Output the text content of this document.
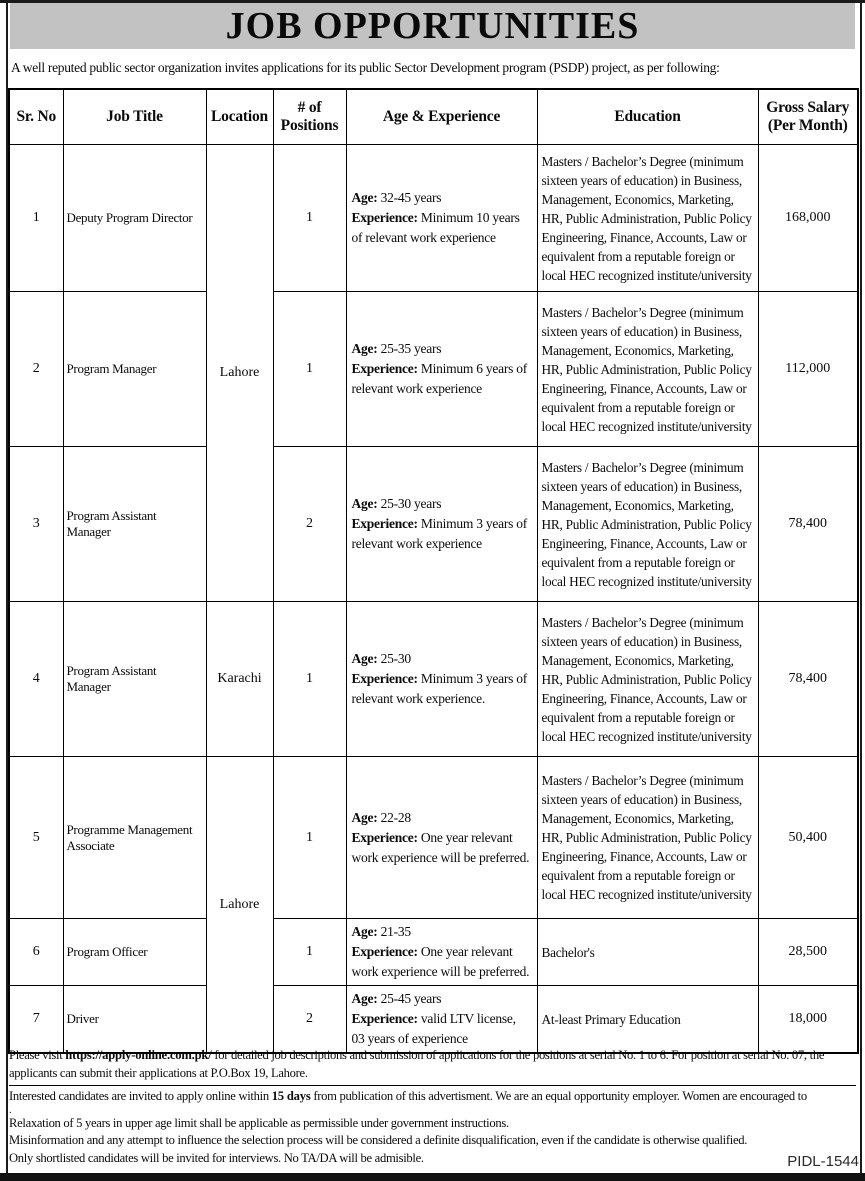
JOB OPPORTUNITIES
A well reputed public sector organization invites applications for its public Sector Development program (PSDP) project, as per following:
Sr. No	Job Title	Location	# of Positions	Age & Experience	Education	Gross Salary (Per Month)
1	Deputy Program Director	Lahore	1	Age: 32-45 years
Experience: Minimum 10 years of relevant work experience	Masters / Bachelor’s Degree (minimum sixteen years of education) in Business, Management, Economics, Marketing, HR, Public Administration, Public Policy Engineering, Finance, Accounts, Law or equivalent from a reputable foreign or local HEC recognized institute/university	168,000
2	Program Manager		1	Age: 25-35 years
Experience: Minimum 6 years of relevant work experience	Masters / Bachelor’s Degree (minimum sixteen years of education) in Business, Management, Economics, Marketing, HR, Public Administration, Public Policy Engineering, Finance, Accounts, Law or equivalent from a reputable foreign or local HEC recognized institute/university	112,000
3	Program Assistant Manager		2	Age: 25-30 years
Experience: Minimum 3 years of relevant work experience	Masters / Bachelor’s Degree (minimum sixteen years of education) in Business, Management, Economics, Marketing, HR, Public Administration, Public Policy Engineering, Finance, Accounts, Law or equivalent from a reputable foreign or local HEC recognized institute/university	78,400
4	Program Assistant Manager	Karachi	1	Age: 25-30
Experience: Minimum 3 years of relevant work experience.	Masters / Bachelor’s Degree (minimum sixteen years of education) in Business, Management, Economics, Marketing, HR, Public Administration, Public Policy Engineering, Finance, Accounts, Law or equivalent from a reputable foreign or local HEC recognized institute/university	78,400
5	Programme Management Associate	Lahore	1	Age: 22-28
Experience: One year relevant work experience will be preferred.	Masters / Bachelor’s Degree (minimum sixteen years of education) in Business, Management, Economics, Marketing, HR, Public Administration, Public Policy Engineering, Finance, Accounts, Law or equivalent from a reputable foreign or local HEC recognized institute/university	50,400
6	Program Officer		1	Age: 21-35
Experience: One year relevant work experience will be preferred.	Bachelor's	28,500
7	Driver		2	Age: 25-45 years
Experience: valid LTV license, 03 years of experience	At-least Primary Education	18,000

Please visit https://apply-online.com.pk/ for detailed job descriptions and submission of applications for the positions at serial No. 1 to 6. For position at serial No. 07, the applicants can submit their applications at P.O.Box 19, Lahore.

Interested candidates are invited to apply online within 15 days from publication of this advertisment. We are an equal opportunity employer. Women are encouraged to

.

Relaxation of 5 years in upper age limit shall be applicable as permissible under government instructions.

Misinformation and any attempt to influence the selection process will be considered a definite disqualification, even if the candidate is otherwise qualified.

Only shortlisted candidates will be invited for interviews. No TA/DA will be admisible.	PIDL-1544
